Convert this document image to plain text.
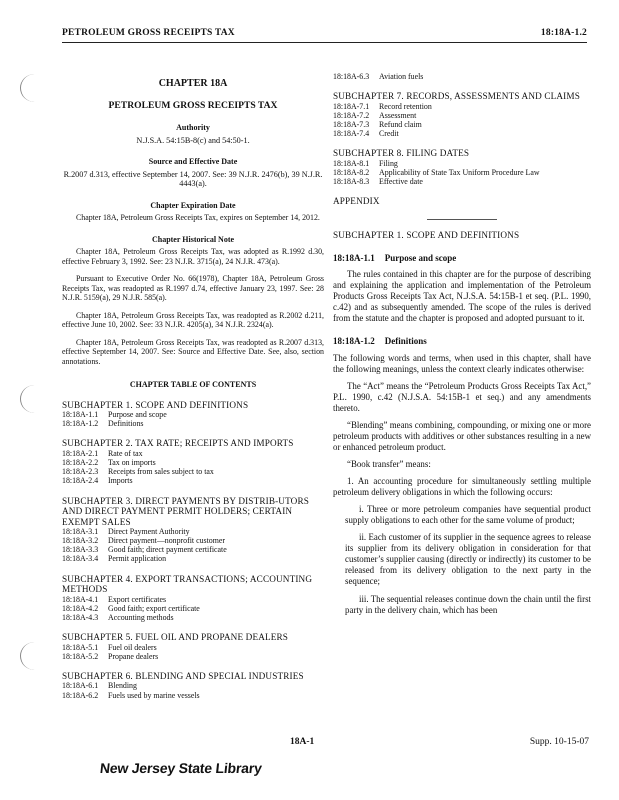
PETROLEUM GROSS RECEIPTS TAX	18:18A-1.2
CHAPTER 18A
PETROLEUM GROSS RECEIPTS TAX
Authority
N.J.S.A. 54:15B-8(c) and 54:50-1.
Source and Effective Date
R.2007 d.313, effective September 14, 2007. See: 39 N.J.R. 2476(b), 39 N.J.R. 4443(a).
Chapter Expiration Date

Chapter 18A, Petroleum Gross Receipts Tax, expires on September 14, 2012.

Chapter Historical Note

Chapter 18A, Petroleum Gross Receipts Tax, was adopted as R.1992 d.30, effective February 3, 1992. See: 23 N.J.R. 3715(a), 24 N.J.R. 473(a).

Pursuant to Executive Order No. 66(1978), Chapter 18A, Petroleum Gross Receipts Tax, was readopted as R.1997 d.74, effective January 23, 1997. See: 28 N.J.R. 5159(a), 29 N.J.R. 585(a).

Chapter 18A, Petroleum Gross Receipts Tax, was readopted as R.2002 d.211, effective June 10, 2002. See: 33 N.J.R. 4205(a), 34 N.J.R. 2324(a).

Chapter 18A, Petroleum Gross Receipts Tax, was readopted as R.2007 d.313, effective September 14, 2007. See: Source and Effective Date. See, also, section annotations.

CHAPTER TABLE OF CONTENTS
SUBCHAPTER 1. SCOPE AND DEFINITIONS
18:18A-1.1	Purpose and scope
18:18A-1.2	Definitions
SUBCHAPTER 2. TAX RATE; RECEIPTS AND IMPORTS
18:18A-2.1	Rate of tax
18:18A-2.2	Tax on imports
18:18A-2.3	Receipts from sales subject to tax
18:18A-2.4	Imports
SUBCHAPTER 3. DIRECT PAYMENTS BY DISTRIB-UTORS AND DIRECT PAYMENT PERMIT HOLDERS; CERTAIN EXEMPT SALES
18:18A-3.1	Direct Payment Authority
18:18A-3.2	Direct payment—nonprofit customer
18:18A-3.3	Good faith; direct payment certificate
18:18A-3.4	Permit application
SUBCHAPTER 4. EXPORT TRANSACTIONS; ACCOUNTING METHODS
18:18A-4.1	Export certificates
18:18A-4.2	Good faith; export certificate
18:18A-4.3	Accounting methods
SUBCHAPTER 5. FUEL OIL AND PROPANE DEALERS
18:18A-5.1	Fuel oil dealers
18:18A-5.2	Propane dealers
SUBCHAPTER 6. BLENDING AND SPECIAL INDUSTRIES
18:18A-6.1	Blending
18:18A-6.2	Fuels used by marine vessels
18:18A-6.3	Aviation fuels
SUBCHAPTER 7. RECORDS, ASSESSMENTS AND CLAIMS
18:18A-7.1	Record retention
18:18A-7.2	Assessment
18:18A-7.3	Refund claim
18:18A-7.4	Credit
SUBCHAPTER 8. FILING DATES
18:18A-8.1	Filing
18:18A-8.2	Applicability of State Tax Uniform Procedure Law
18:18A-8.3	Effective date
APPENDIX
SUBCHAPTER 1. SCOPE AND DEFINITIONS
18:18A-1.1 Purpose and scope

The rules contained in this chapter are for the purpose of describing and explaining the application and implementation of the Petroleum Products Gross Receipts Tax Act, N.J.S.A. 54:15B-1 et seq. (P.L. 1990, c.42) and as subsequently amended. The scope of the rules is derived from the statute and the chapter is proposed and adopted pursuant to it.

18:18A-1.2 Definitions

The following words and terms, when used in this chapter, shall have the following meanings, unless the context clearly indicates otherwise:

The “Act” means the “Petroleum Products Gross Receipts Tax Act,” P.L. 1990, c.42 (N.J.S.A. 54:15B-1 et seq.) and any amendments thereto.

“Blending” means combining, compounding, or mixing one or more petroleum products with additives or other substances resulting in a new or enhanced petroleum product.

“Book transfer” means:

1. An accounting procedure for simultaneously settling multiple petroleum delivery obligations in which the following occurs:

i. Three or more petroleum companies have sequential product supply obligations to each other for the same volume of product;

ii. Each customer of its supplier in the sequence agrees to release its supplier from its delivery obligation in consideration for that customer’s supplier causing (directly or indirectly) its customer to be released from its delivery obligation to the next party in the sequence;

iii. The sequential releases continue down the chain until the first party in the delivery chain, which has been

18A-1	Supp. 10-15-07
New Jersey State Library
